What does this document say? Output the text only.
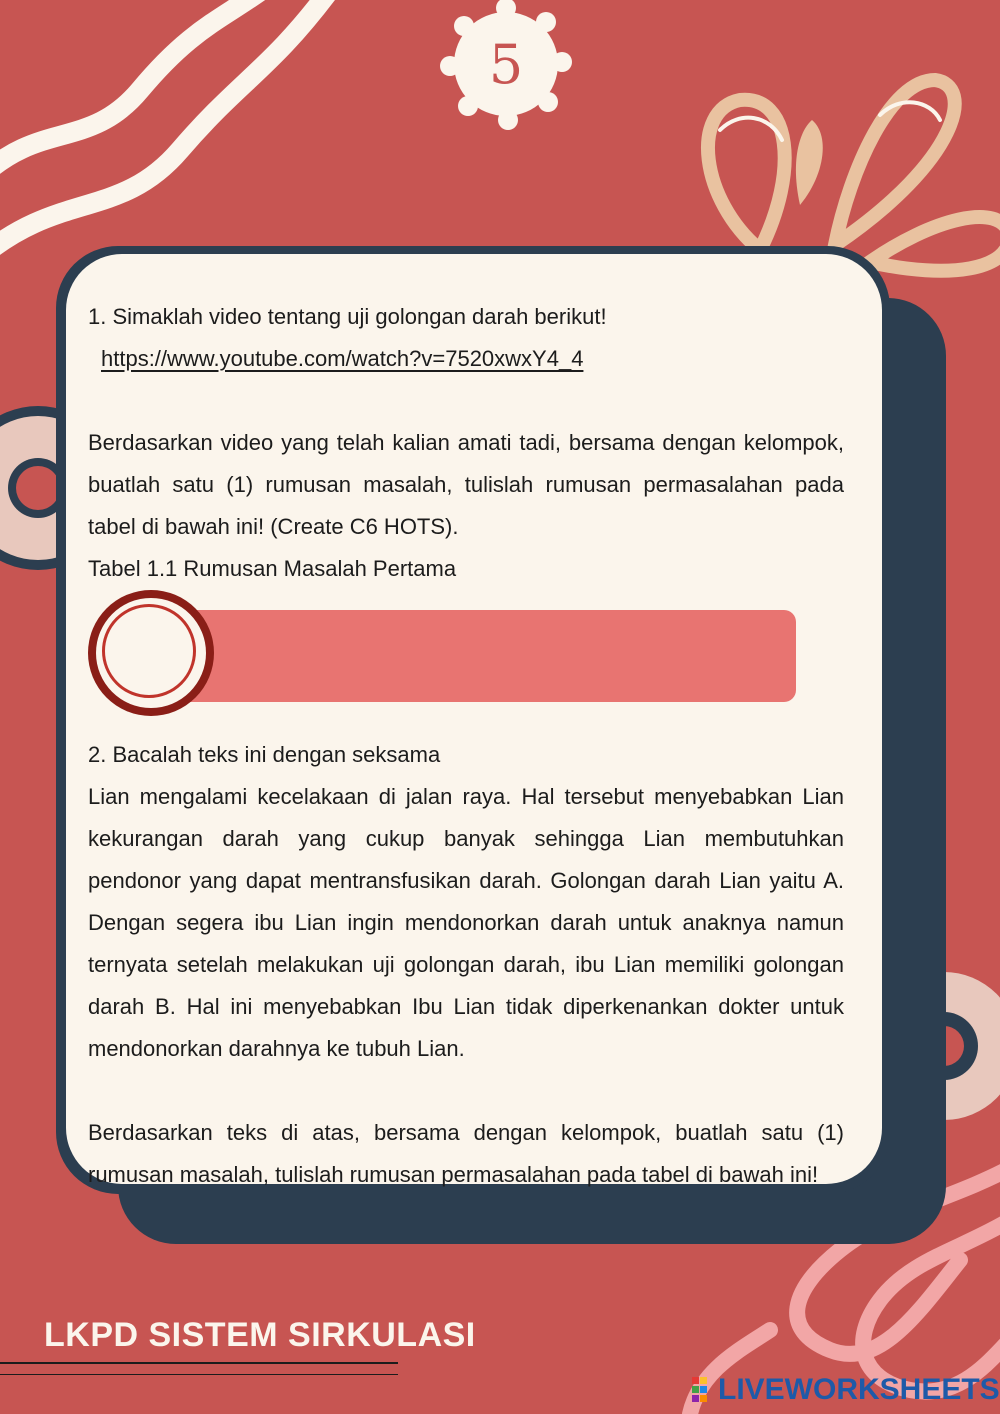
5

1. Simaklah video tentang uji golongan darah berikut!

https://www.youtube.com/watch?v=7520xwxY4_4

Berdasarkan video yang telah kalian amati tadi, bersama dengan kelompok, buatlah satu (1) rumusan masalah, tulislah rumusan permasalahan pada tabel di bawah ini! (Create C6 HOTS).

Tabel 1.1 Rumusan Masalah Pertama

2. Bacalah teks ini dengan seksama

Lian mengalami kecelakaan di jalan raya. Hal tersebut menyebabkan Lian kekurangan darah yang cukup banyak sehingga Lian membutuhkan pendonor yang dapat mentransfusikan darah. Golongan darah Lian yaitu A. Dengan segera ibu Lian ingin mendonorkan darah untuk anaknya namun ternyata setelah melakukan uji golongan darah, ibu Lian memiliki golongan darah B. Hal ini menyebabkan Ibu Lian tidak diperkenankan dokter untuk mendonorkan darahnya ke tubuh Lian.

Berdasarkan teks di atas, bersama dengan kelompok, buatlah satu (1) rumusan masalah, tulislah rumusan permasalahan pada tabel di bawah ini!

LKPD SISTEM SIRKULASI
LIVEWORKSHEETS
